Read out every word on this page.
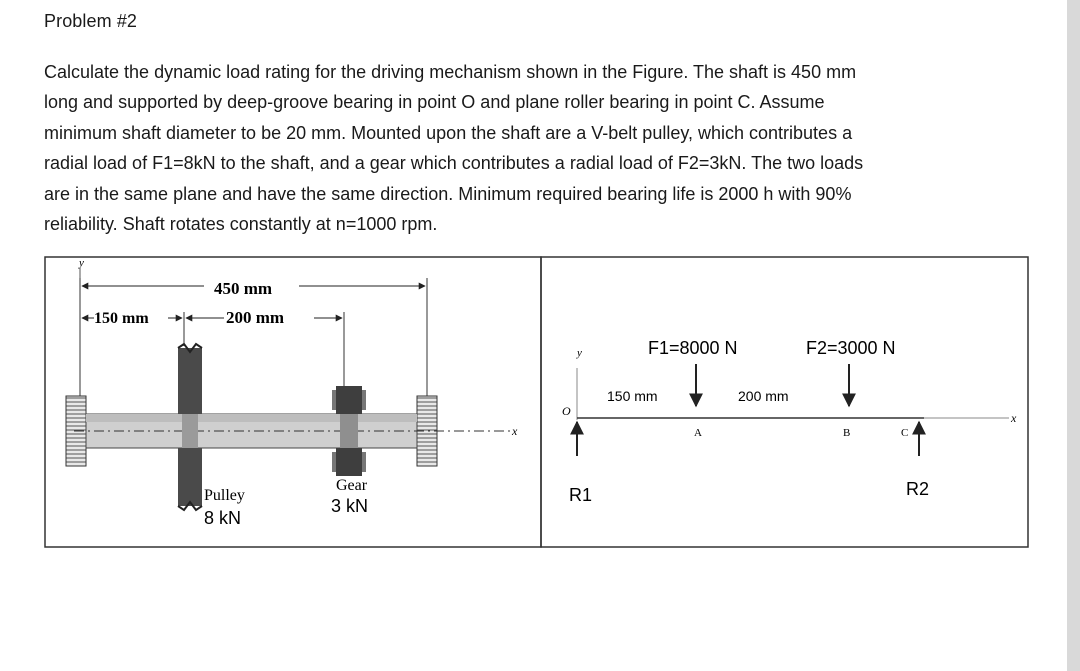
Problem #2
Calculate the dynamic load rating for the driving mechanism shown in the Figure. The shaft is 450 mm
long and supported by deep-groove bearing in point O and plane roller bearing in point C. Assume
minimum shaft diameter to be 20 mm. Mounted upon the shaft are a V-belt pulley, which contributes a
radial load of F1=8kN to the shaft, and a gear which contributes a radial load of F2=3kN. The two loads
are in the same plane and have the same direction. Minimum required bearing life is 2000 h with 90%
reliability. Shaft rotates constantly at n=1000 rpm.
y
450 mm
150 mm	200 mm
x
Pulley
8 kN
Gear
3 kN
y
x
O
F1=8000 N	F2=3000 N
150 mm	200 mm
A	B	C
R1	R2
